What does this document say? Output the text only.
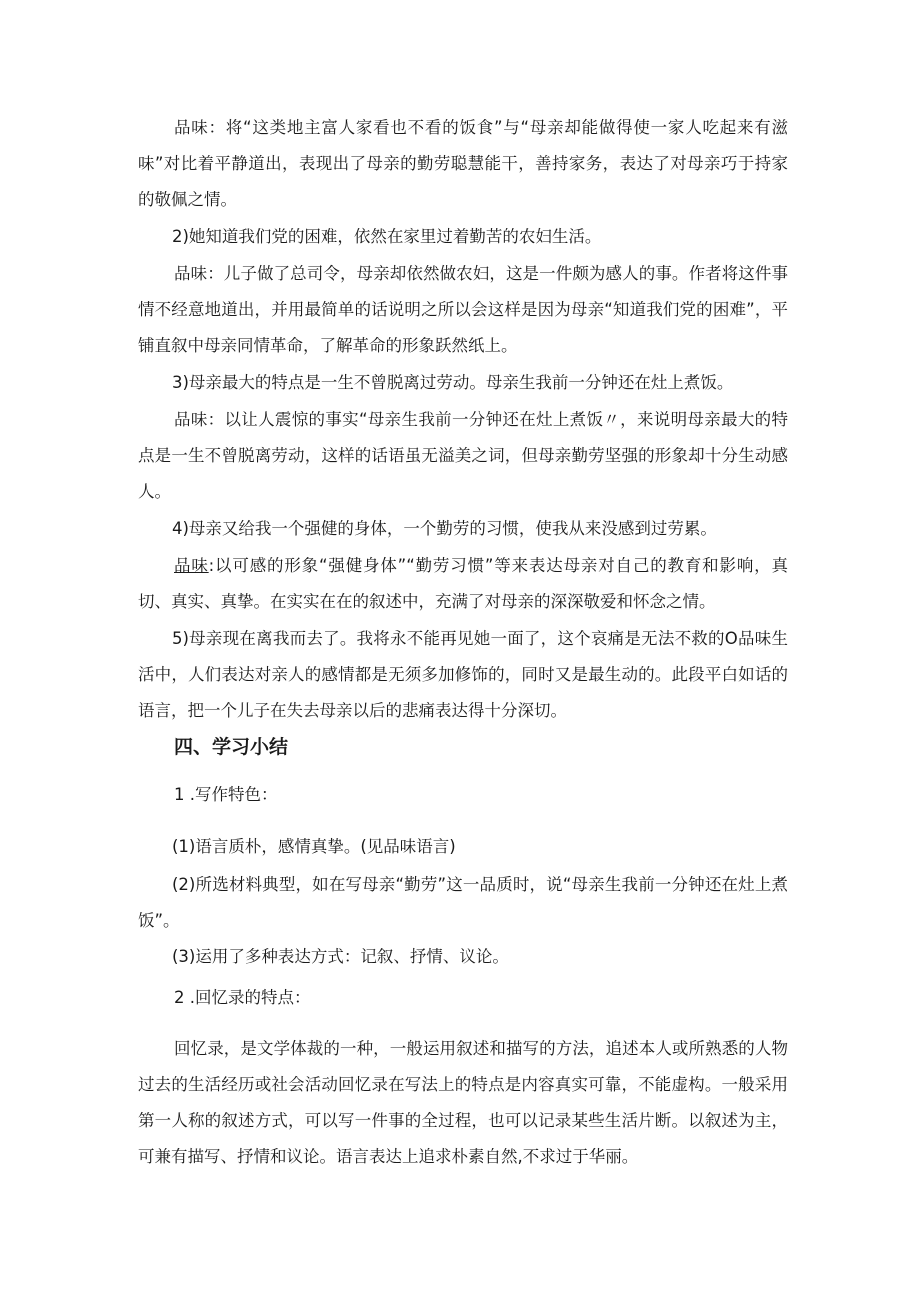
品味：将“这类地主富人家看也不看的饭食”与“母亲却能做得使一家人吃起来有滋味”对比着平静道出，表现出了母亲的勤劳聪慧能干，善持家务，表达了对母亲巧于持家的敬佩之情。

2)她知道我们党的困难，依然在家里过着勤苦的农妇生活。

品味：儿子做了总司令，母亲却依然做农妇，这是一件颇为感人的事。作者将这件事情不经意地道出，并用最简单的话说明之所以会这样是因为母亲“知道我们党的困难”，平铺直叙中母亲同情革命，了解革命的形象跃然纸上。

3)母亲最大的特点是一生不曾脱离过劳动。母亲生我前一分钟还在灶上煮饭。

品味：以让人震惊的事实“母亲生我前一分钟还在灶上煮饭〃，来说明母亲最大的特点是一生不曾脱离劳动，这样的话语虽无溢美之词，但母亲勤劳坚强的形象却十分生动感人。

4)母亲又给我一个强健的身体，一个勤劳的习惯，使我从来没感到过劳累。

品味:以可感的形象“强健身体”“勤劳习惯”等来表达母亲对自己的教育和影响，真切、真实、真挚。在实实在在的叙述中，充满了对母亲的深深敬爱和怀念之情。

5)母亲现在离我而去了。我将永不能再见她一面了，这个哀痛是无法不救的O品味生活中，人们表达对亲人的感情都是无须多加修饰的，同时又是最生动的。此段平白如话的语言，把一个儿子在失去母亲以后的悲痛表达得十分深切。

四、学习小结

1 .写作特色：

(1)语言质朴，感情真挚。(见品味语言)

(2)所选材料典型，如在写母亲“勤劳”这一品质时，说“母亲生我前一分钟还在灶上煮饭”。

(3)运用了多种表达方式：记叙、抒情、议论。

2 .回忆录的特点：

回忆录，是文学体裁的一种，一般运用叙述和描写的方法，追述本人或所熟悉的人物过去的生活经历或社会活动回忆录在写法上的特点是内容真实可靠，不能虚构。一般采用第一人称的叙述方式，可以写一件事的全过程，也可以记录某些生活片断。以叙述为主，可兼有描写、抒情和议论。语言表达上追求朴素自然,不求过于华丽。
